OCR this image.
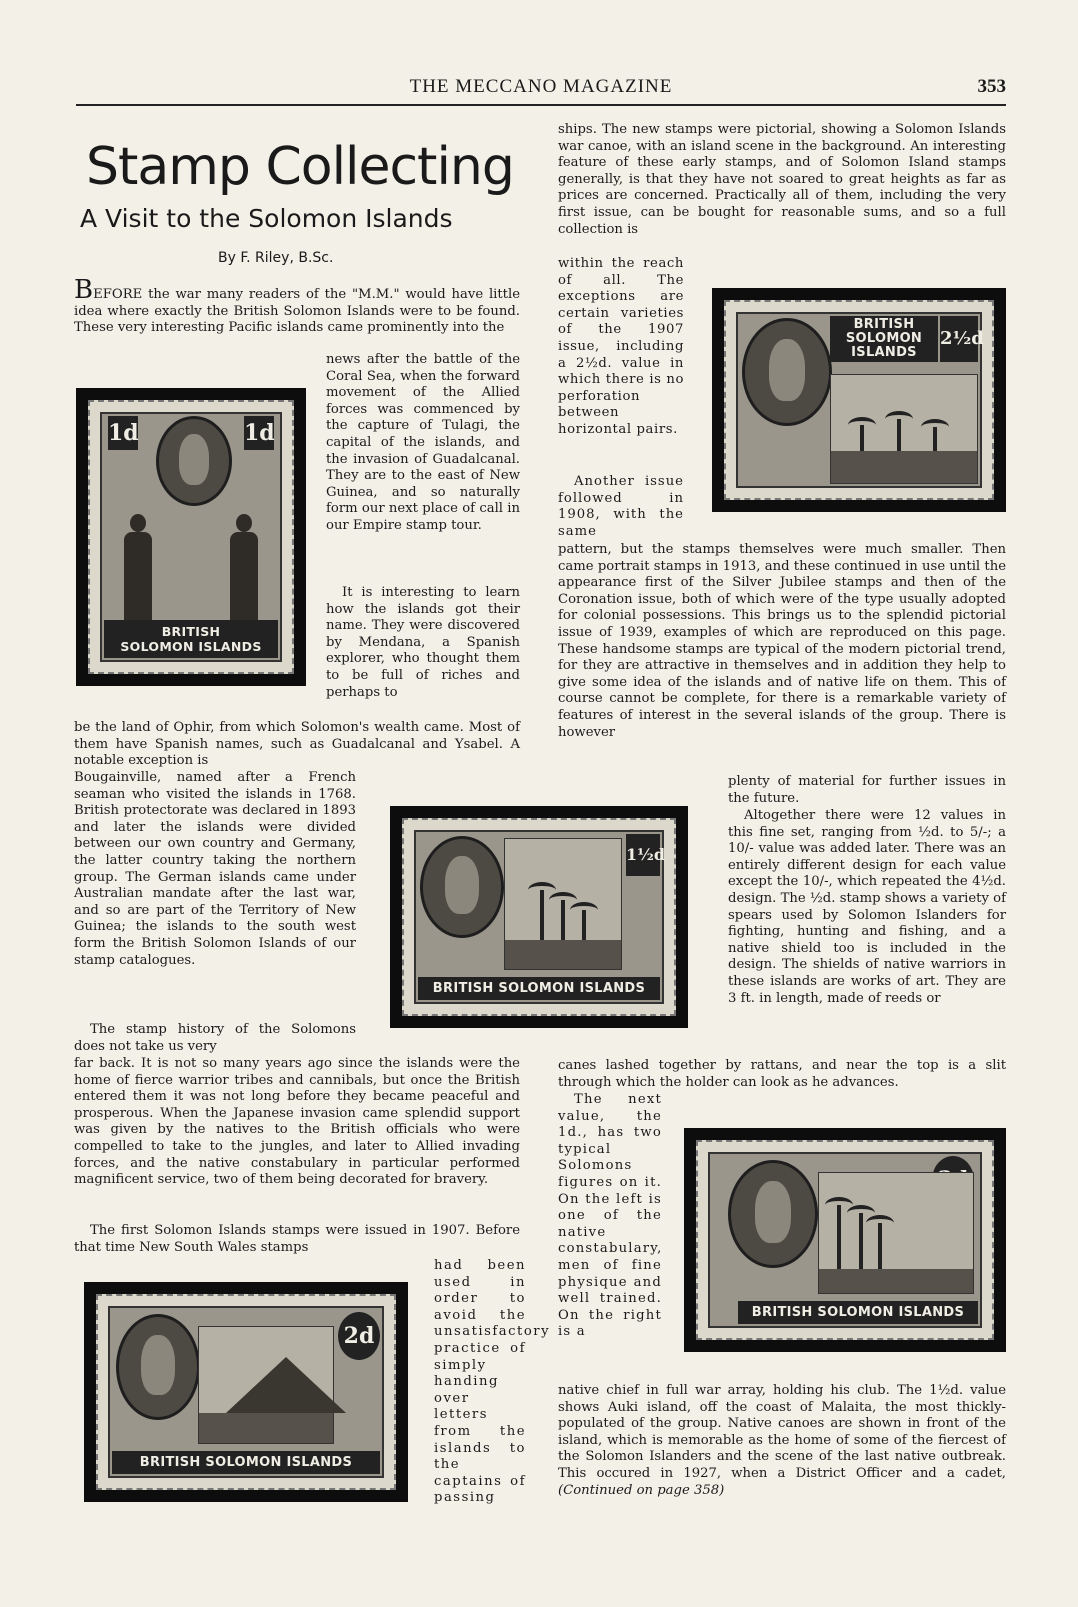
THE MECCANO MAGAZINE	353
Stamp Collecting
A Visit to the Solomon Islands
By F. Riley, B.Sc.

BEFORE the war many readers of the "M.M." would have little idea where exactly the British Solomon Islands were to be found. These very interesting Pacific islands came prominently into the

news after the battle of the Coral Sea, when the forward movement of the Allied forces was commenced by the capture of Tulagi, the capital of the islands, and the invasion of Guadalcanal. They are to the east of New Guinea, and so naturally form our next place of call in our Empire stamp tour.

It is interesting to learn how the islands got their name. They were discovered by Mendana, a Spanish explorer, who thought them to be full of riches and perhaps to

be the land of Ophir, from which Solomon's wealth came. Most of them have Spanish names, such as Guadalcanal and Ysabel. A notable exception is

Bougainville, named after a French seaman who visited the islands in 1768. British protectorate was declared in 1893 and later the islands were divided between our own country and Germany, the latter country taking the northern group. The German islands came under Australian mandate after the last war, and so are part of the Territory of New Guinea; the islands to the south west form the British Solomon Islands of our stamp catalogues.

The stamp history of the Solomons does not take us very

far back. It is not so many years ago since the islands were the home of fierce warrior tribes and cannibals, but once the British entered them it was not long before they became peaceful and prosperous. When the Japanese invasion came splendid support was given by the natives to the British officials who were compelled to take to the jungles, and later to Allied invading forces, and the native constabulary in particular performed magnificent service, two of them being decorated for bravery.

The first Solomon Islands stamps were issued in 1907. Before that time New South Wales stamps

had been used in order to avoid the unsatisfactory practice of simply handing over letters from the islands to the captains of passing

ships. The new stamps were pictorial, showing a Solomon Islands war canoe, with an island scene in the background. An interesting feature of these early stamps, and of Solomon Island stamps generally, is that they have not soared to great heights as far as prices are concerned. Practically all of them, including the very first issue, can be bought for reasonable sums, and so a full collection is

within the reach of all. The exceptions are certain varieties of the 1907 issue, including a 2½d. value in which there is no perforation between horizontal pairs.

Another issue followed in 1908, with the same

pattern, but the stamps themselves were much smaller. Then came portrait stamps in 1913, and these continued in use until the appearance first of the Silver Jubilee stamps and then of the Coronation issue, both of which were of the type usually adopted for colonial possessions. This brings us to the splendid pictorial issue of 1939, examples of which are reproduced on this page. These handsome stamps are typical of the modern pictorial trend, for they are attractive in themselves and in addition they help to give some idea of the islands and of native life on them. This of course cannot be complete, for there is a remarkable variety of features of interest in the several islands of the group. There is however

plenty of material for further issues in the future.

Altogether there were 12 values in this fine set, ranging from ½d. to 5/-; a 10/- value was added later. There was an entirely different design for each value except the 10/-, which repeated the 4½d. design. The ½d. stamp shows a variety of spears used by Solomon Islanders for fighting, hunting and fishing, and a native shield too is included in the design. The shields of native warriors in these islands are works of art. They are 3 ft. in length, made of reeds or

canes lashed together by rattans, and near the top is a slit through which the holder can look as he advances.

The next value, the 1d., has two typical Solomons figures on it. On the left is one of the native constabulary, men of fine physique and well trained. On the right is a

native chief in full war array, holding his club. The 1½d. value shows Auki island, off the coast of Malaita, the most thickly-populated of the group. Native canoes are shown in front of the island, which is memorable as the home of some of the fiercest of the Solomon Islanders and the scene of the last native outbreak. This occured in 1927, when a District Officer and a cadet, (Continued on page 358)

1d	1d
BRITISH
SOLOMON ISLANDS
BRITISH
SOLOMON
ISLANDS
2½d
1½d
BRITISH SOLOMON ISLANDS
BRITISH SOLOMON ISLANDS
2d
BRITISH SOLOMON ISLANDS
